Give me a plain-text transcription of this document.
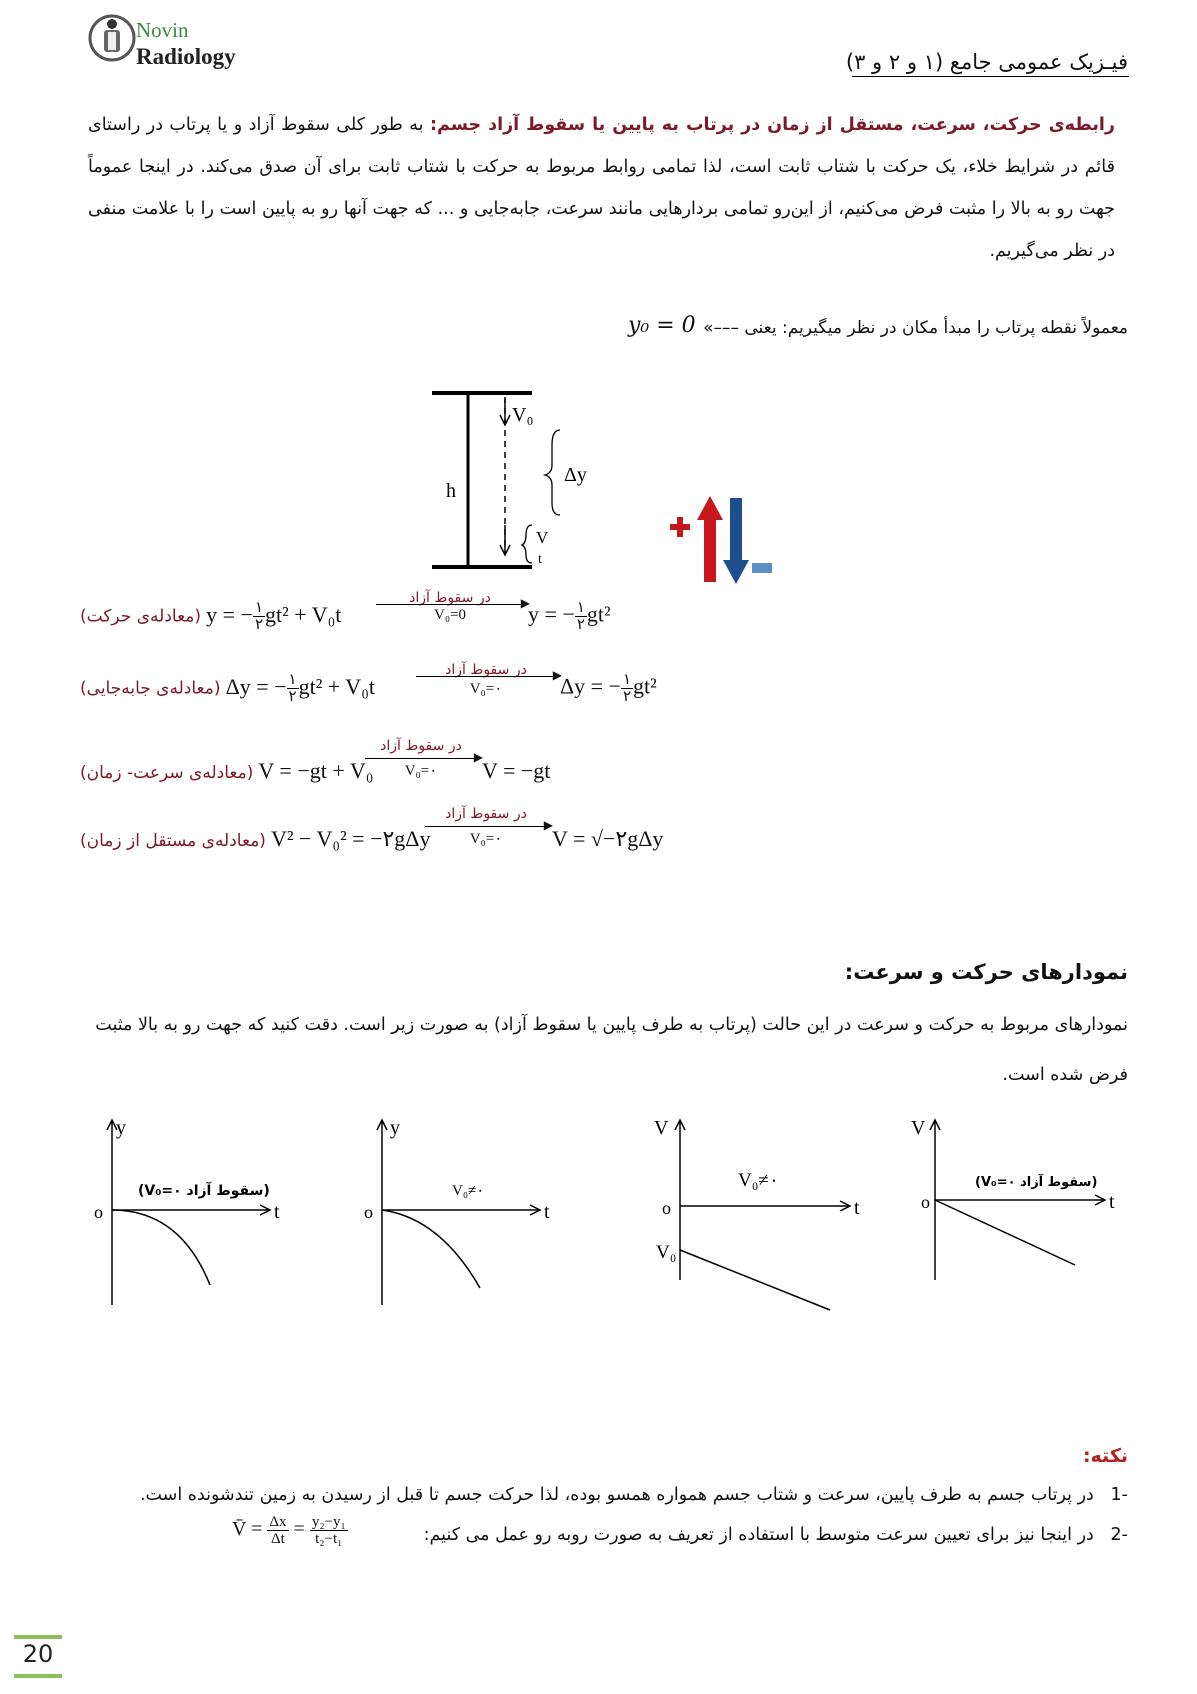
Novin
Radiology	فیـزیک عمومی جامع (۱ و ۲ و ۳)
رابطه‌ی حرکت، سرعت، مستقل از زمان در پرتاب به پایین یا سقوط آزاد جسم: به طور کلی سقوط آزاد و یا پرتاب در راستای قائم در شرایط خلاء، یک حرکت با شتاب ثابت است، لذا تمامی روابط مربوط به حرکت با شتاب ثابت برای آن صدق می‌کند. در اینجا عموماً جهت رو به بالا را مثبت فرض می‌کنیم، از این‌رو تمامی بردارهایی مانند سرعت، جابه‌جایی و ... که جهت آنها رو به پایین است را با علامت منفی در نظر می‌گیریم.
معمولاً نقطه پرتاب را مبدأ مکان در نظر میگیریم: یعنی –––»
y₀ = 0
V₀
h
Δy
V
t
(معادله‌ی حرکت) y = − $\frac{۱}{۲} gt^2 + V_0t$
در سقوط آزاد	▶
V₀=0	y = − $\frac{۱}{۲} gt^2$
(معادله‌ی جابه‌جایی) Δy = − $\frac{۱}{۲} gt^2 + V_0t$
در سقوط آزاد	▶
V₀=۰	Δy = − $\frac{۱}{۲} gt^2$
(معادله‌ی سرعت- زمان) V = −gt + V₀
در سقوط آزاد
▶
V₀=۰	V = −gt
(معادله‌ی مستقل از زمان) V² − V₀² = −۲gΔy
در سقوط آزاد
▶
V₀=۰	V = √−۲gΔy
نمودارهای حرکت و سرعت:
نمودارهای مربوط به حرکت و سرعت در این حالت (پرتاب به طرف پایین یا سقوط آزاد) به صورت زیر است. دقت کنید که جهت رو به بالا مثبت فرض شده است.
y
t
o
(V₀=۰ سقوط آزاد)
y
t
o
V₀≠۰
V
t
o
V₀≠۰
V₀
V
t
o
(V₀=۰ سقوط آزاد)
نکته:
-1   در پرتاب جسم به طرف پایین، سرعت و شتاب جسم همواره همسو بوده، لذا حرکت جسم تا قبل از رسیدن به زمین تندشونده است.
-2   در اینجا نیز برای تعیین سرعت متوسط با استفاده از تعریف به صورت روبه رو عمل می کنیم:
V̄ = $\frac{\Delta x}{\Delta t} = \frac{\text{y₂−y₁}}{\text{t₂−t₁}}$
20
